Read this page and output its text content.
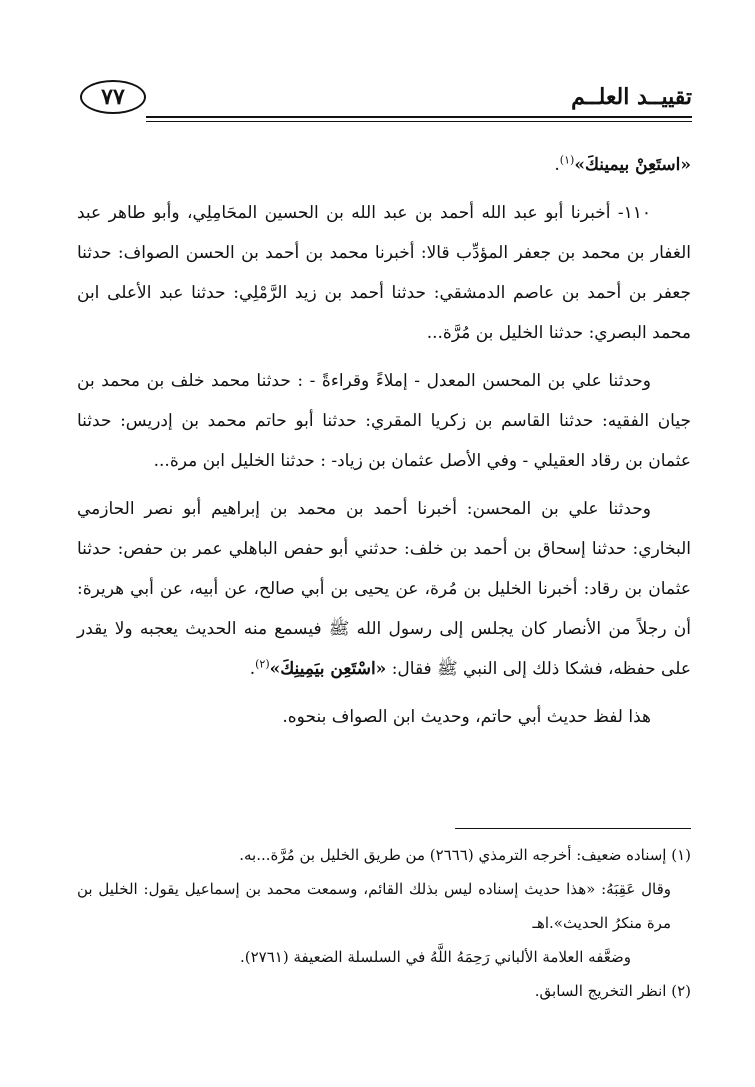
٧٧	تقييــد العلــم

«استَعِنْ بيمينكَ»$^{(١)}$.

١١٠- أخبرنا أبو عبد الله أحمد بن عبد الله بن الحسين المحَامِلِي، وأبو طاهر عبد الغفار بن محمد بن جعفر المؤدِّب قالا: أخبرنا محمد بن أحمد بن الحسن الصواف: حدثنا جعفر بن أحمد بن عاصم الدمشقي: حدثنا أحمد بن زيد الرَّمْلِي: حدثنا عبد الأعلى ابن محمد البصري: حدثنا الخليل بن مُرَّة...

وحدثنا علي بن المحسن المعدل - إملاءً وقراءةً - : حدثنا محمد خلف بن محمد بن جيان الفقيه: حدثنا القاسم بن زكريا المقري: حدثنا أبو حاتم محمد بن إدريس: حدثنا عثمان بن رقاد العقيلي - وفي الأصل عثمان بن زياد- : حدثنا الخليل ابن مرة...

وحدثنا علي بن المحسن: أخبرنا أحمد بن محمد بن إبراهيم أبو نصر الحازمي البخاري: حدثنا إسحاق بن أحمد بن خلف: حدثني أبو حفص الباهلي عمر بن حفص: حدثنا عثمان بن رقاد: أخبرنا الخليل بن مُرة، عن يحيى بن أبي صالح، عن أبيه، عن أبي هريرة: أن رجلاً من الأنصار كان يجلس إلى رسول الله ﷺ فيسمع منه الحديث يعجبه ولا يقدر على حفظه، فشكا ذلك إلى النبي ﷺ فقال: «اسْتَعِن بيَمِينِكَ»$^{(٢)}$.

هذا لفظ حديث أبي حاتم، وحديث ابن الصواف بنحوه.

(١) إسناده ضعيف: أخرجه الترمذي (٢٦٦٦) من طريق الخليل بن مُرَّة...به.

وقال عَقِبَهُ: «هذا حديث إسناده ليس بذلك القائم، وسمعت محمد بن إسماعيل يقول: الخليل بن مرة منكرُ الحديث».اهـ

وضعَّفه العلامة الألباني رَحِمَهُ اللَّهُ في السلسلة الضعيفة (٢٧٦١).

(٢) انظر التخريج السابق.
